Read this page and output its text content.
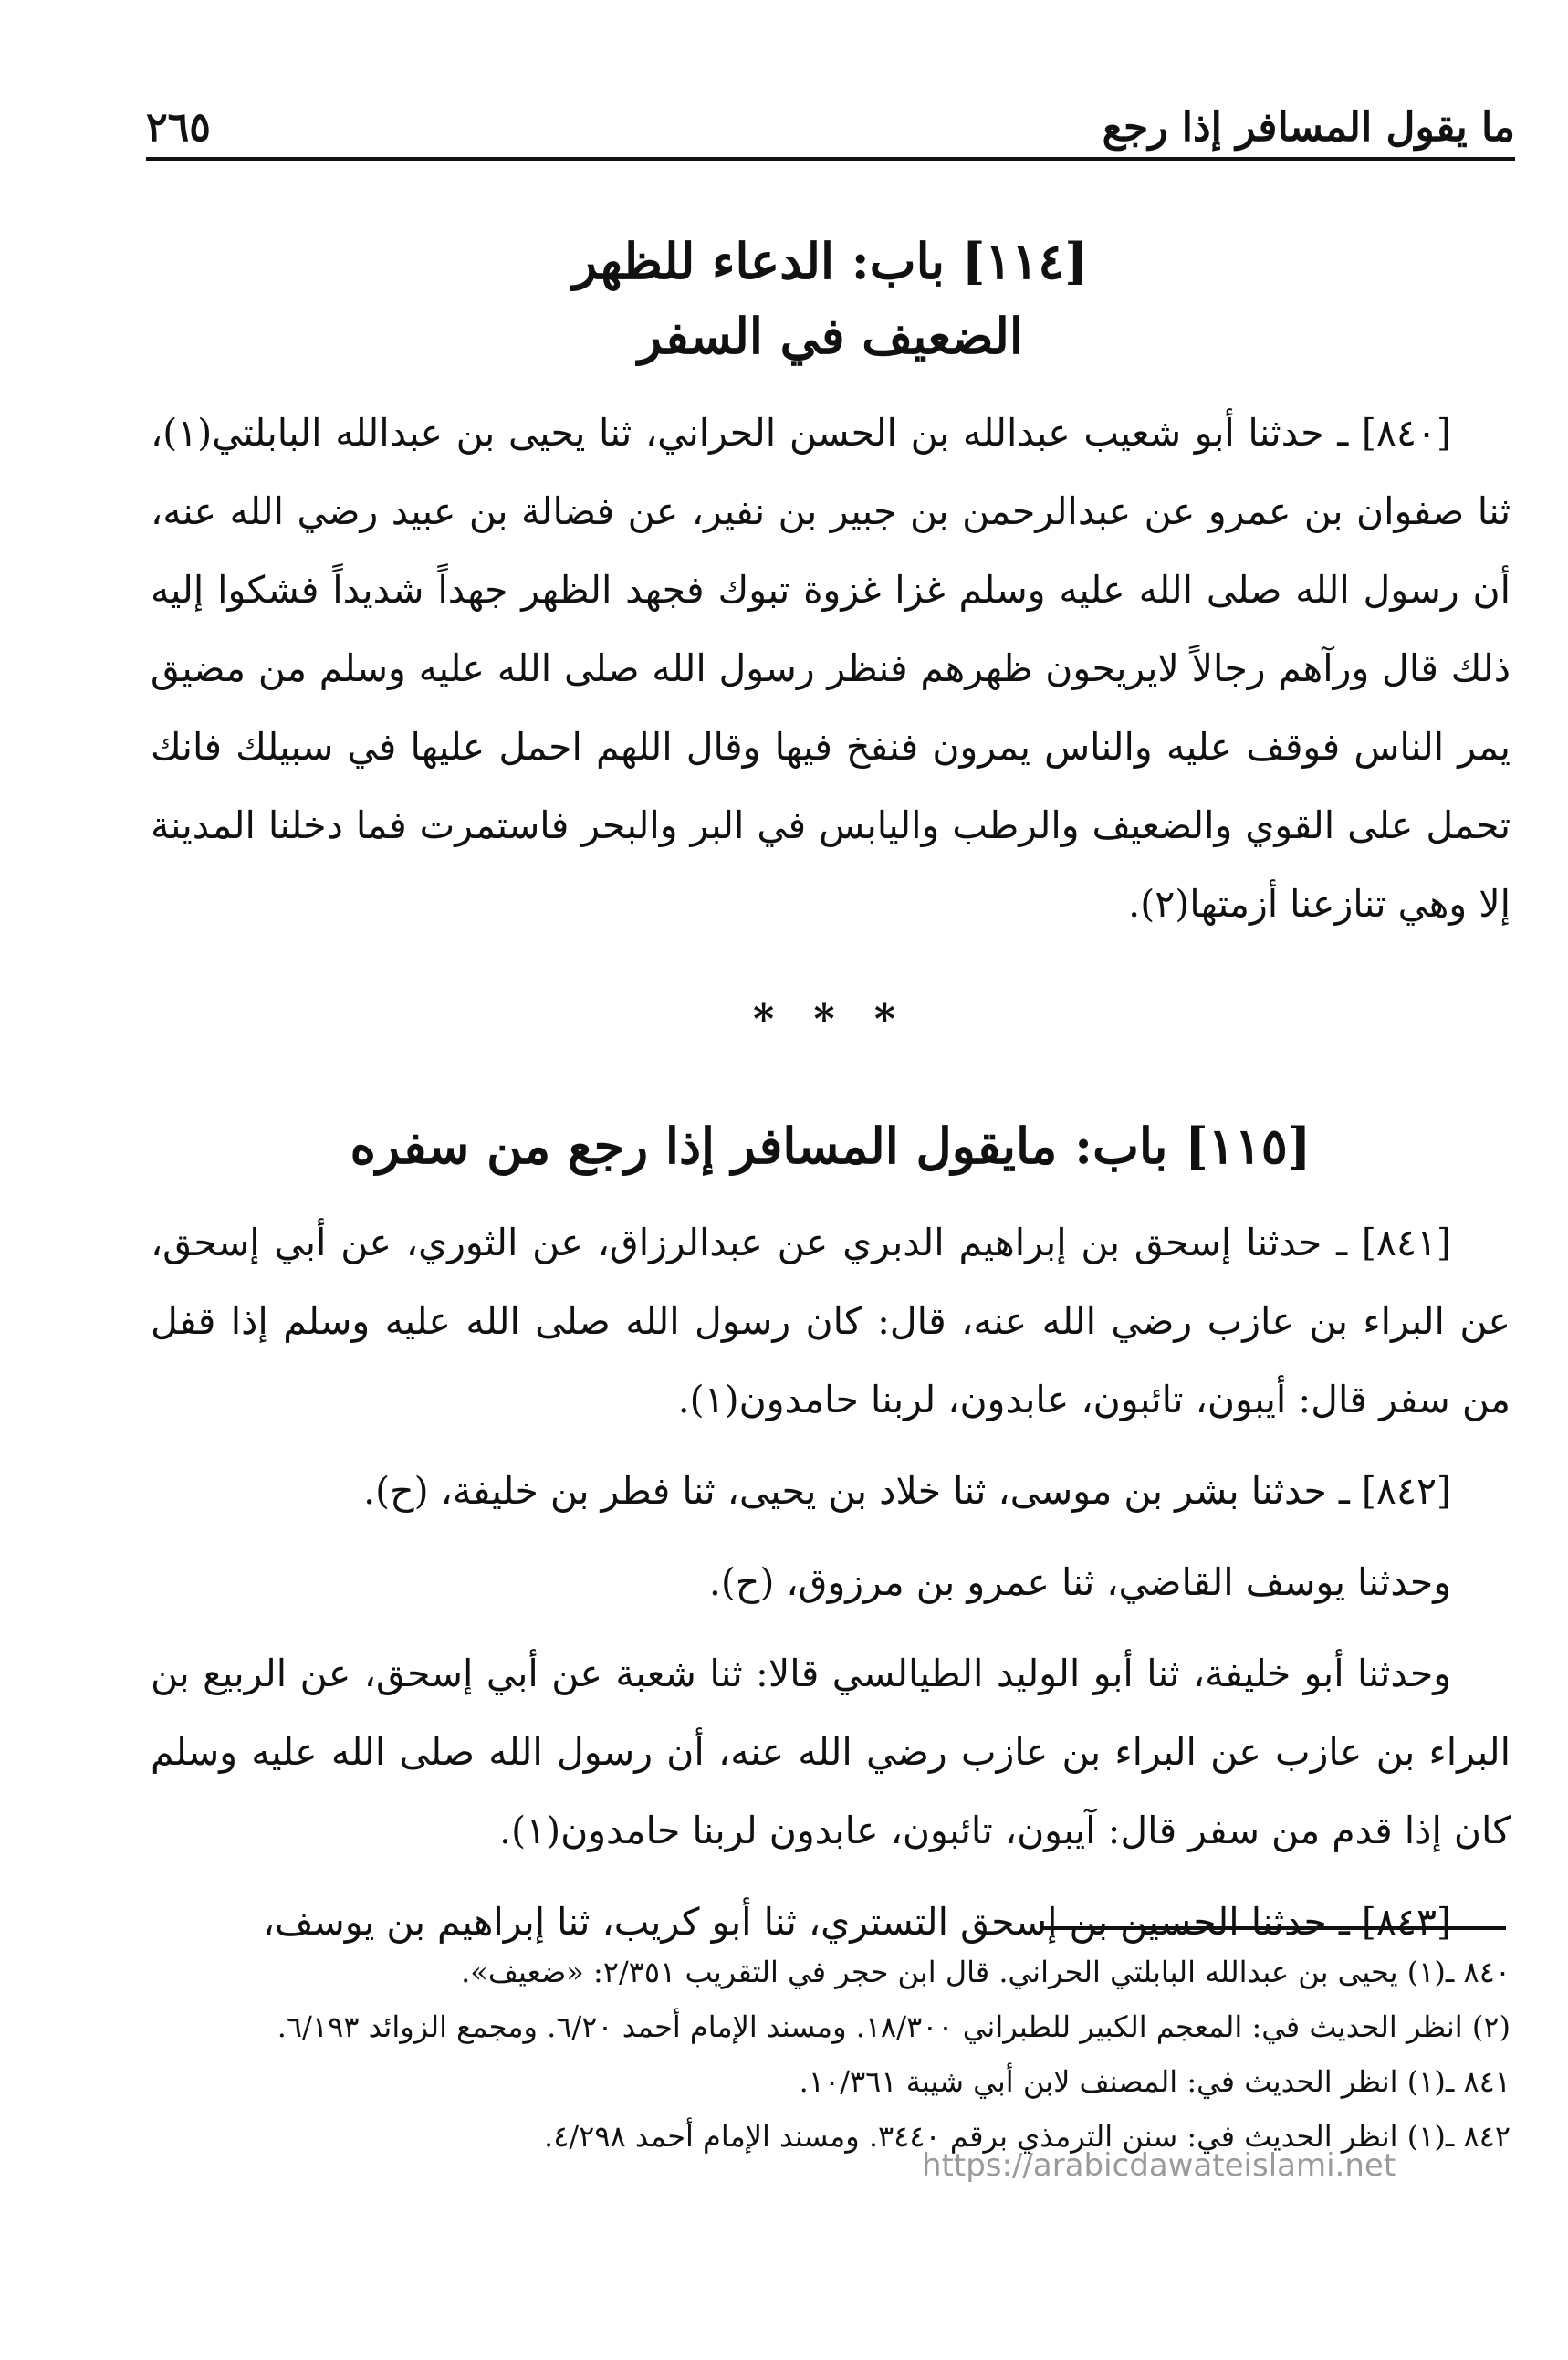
٢٦٥	ما يقول المسافر إذا رجع
[١١٤] باب: الدعاء للظهر
الضعيف في السفر

[٨٤٠] ـ حدثنا أبو شعيب عبدالله بن الحسن الحراني، ثنا يحيى بن عبدالله البابلتي(١)، ثنا صفوان بن عمرو عن عبدالرحمن بن جبير بن نفير، عن فضالة بن عبيد رضي الله عنه، أن رسول الله صلى الله عليه وسلم غزا غزوة تبوك فجهد الظهر جهداً شديداً فشكوا إليه ذلك قال ورآهم رجالاً لايريحون ظهرهم فنظر رسول الله صلى الله عليه وسلم من مضيق يمر الناس فوقف عليه والناس يمرون فنفخ فيها وقال اللهم احمل عليها في سبيلك فانك تحمل على القوي والضعيف والرطب واليابس في البر والبحر فاستمرت فما دخلنا المدينة إلا وهي تنازعنا أزمتها(٢).

* * *
[١١٥] باب: مايقول المسافر إذا رجع من سفره

[٨٤١] ـ حدثنا إسحق بن إبراهيم الدبري عن عبدالرزاق، عن الثوري، عن أبي إسحق، عن البراء بن عازب رضي الله عنه، قال: كان رسول الله صلى الله عليه وسلم إذا قفل من سفر قال: أيبون، تائبون، عابدون، لربنا حامدون(١).

[٨٤٢] ـ حدثنا بشر بن موسى، ثنا خلاد بن يحيى، ثنا فطر بن خليفة، (ح).

وحدثنا يوسف القاضي، ثنا عمرو بن مرزوق، (ح).

وحدثنا أبو خليفة، ثنا أبو الوليد الطيالسي قالا: ثنا شعبة عن أبي إسحق، عن الربيع بن البراء بن عازب عن البراء بن عازب رضي الله عنه، أن رسول الله صلى الله عليه وسلم كان إذا قدم من سفر قال: آيبون، تائبون، عابدون لربنا حامدون(١).

[٨٤٣] ـ حدثنا الحسين بن إسحق التستري، ثنا أبو كريب، ثنا إبراهيم بن يوسف،

٨٤٠ ـ(١) يحيى بن عبدالله البابلتي الحراني. قال ابن حجر في التقريب ٢/٣٥١: «ضعيف».

(٢) انظر الحديث في: المعجم الكبير للطبراني ١٨/٣٠٠. ومسند الإمام أحمد ٦/٢٠. ومجمع الزوائد ٦/١٩٣.

٨٤١ ـ(١) انظر الحديث في: المصنف لابن أبي شيبة ١٠/٣٦١.

٨٤٢ ـ(١) انظر الحديث في: سنن الترمذي برقم ٣٤٤٠. ومسند الإمام أحمد ٤/٢٩٨.

https://arabicdawateislami.net
